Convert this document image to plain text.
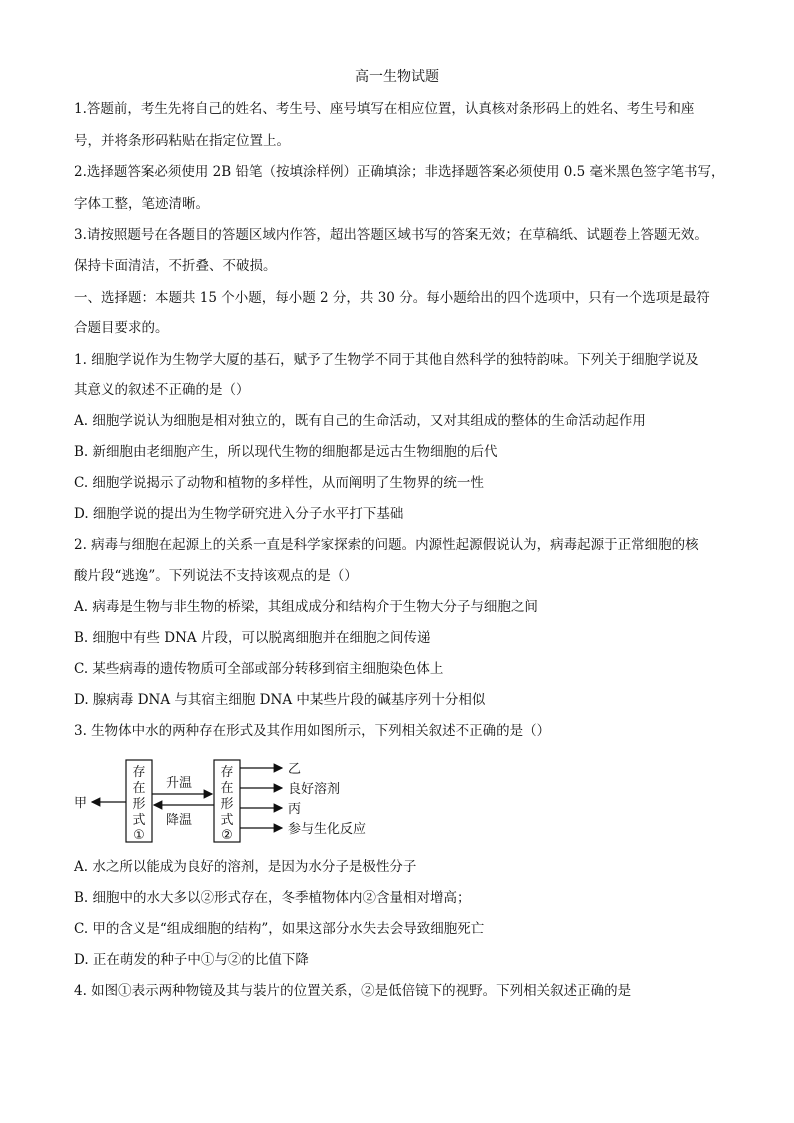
高一生物试题
1.答题前，考生先将自己的姓名、考生号、座号填写在相应位置，认真核对条形码上的姓名、考生号和座
号，并将条形码粘贴在指定位置上。
2.选择题答案必须使用 2B 铅笔（按填涂样例）正确填涂；非选择题答案必须使用 0.5 毫米黑色签字笔书写，
字体工整，笔迹清晰。
3.请按照题号在各题目的答题区域内作答，超出答题区域书写的答案无效；在草稿纸、试题卷上答题无效。
保持卡面清洁，不折叠、不破损。
一、选择题：本题共 15 个小题，每小题 2 分，共 30 分。每小题给出的四个选项中，只有一个选项是最符
合题目要求的。
1. 细胞学说作为生物学大厦的基石，赋予了生物学不同于其他自然科学的独特韵味。下列关于细胞学说及
其意义的叙述不正确的是（）
A. 细胞学说认为细胞是相对独立的，既有自己的生命活动，又对其组成的整体的生命活动起作用
B. 新细胞由老细胞产生，所以现代生物的细胞都是远古生物细胞的后代
C. 细胞学说揭示了动物和植物的多样性，从而阐明了生物界的统一性
D. 细胞学说的提出为生物学研究进入分子水平打下基础
2. 病毒与细胞在起源上的关系一直是科学家探索的问题。内源性起源假说认为，病毒起源于正常细胞的核
酸片段“逃逸”。下列说法不支持该观点的是（）
A. 病毒是生物与非生物的桥梁，其组成成分和结构介于生物大分子与细胞之间
B. 细胞中有些 DNA 片段，可以脱离细胞并在细胞之间传递
C. 某些病毒的遗传物质可全部或部分转移到宿主细胞染色体上
D. 腺病毒 DNA 与其宿主细胞 DNA 中某些片段的碱基序列十分相似
3. 生物体中水的两种存在形式及其作用如图所示，下列相关叙述不正确的是（）
甲
存
在
形
式
①
升温
降温
存
在
形
式
②
乙
良好溶剂
丙
参与生化反应
A. 水之所以能成为良好的溶剂，是因为水分子是极性分子
B. 细胞中的水大多以②形式存在，冬季植物体内②含量相对增高；
C. 甲的含义是“组成细胞的结构”，如果这部分水失去会导致细胞死亡
D. 正在萌发的种子中①与②的比值下降
4. 如图①表示两种物镜及其与装片的位置关系，②是低倍镜下的视野。下列相关叙述正确的是
